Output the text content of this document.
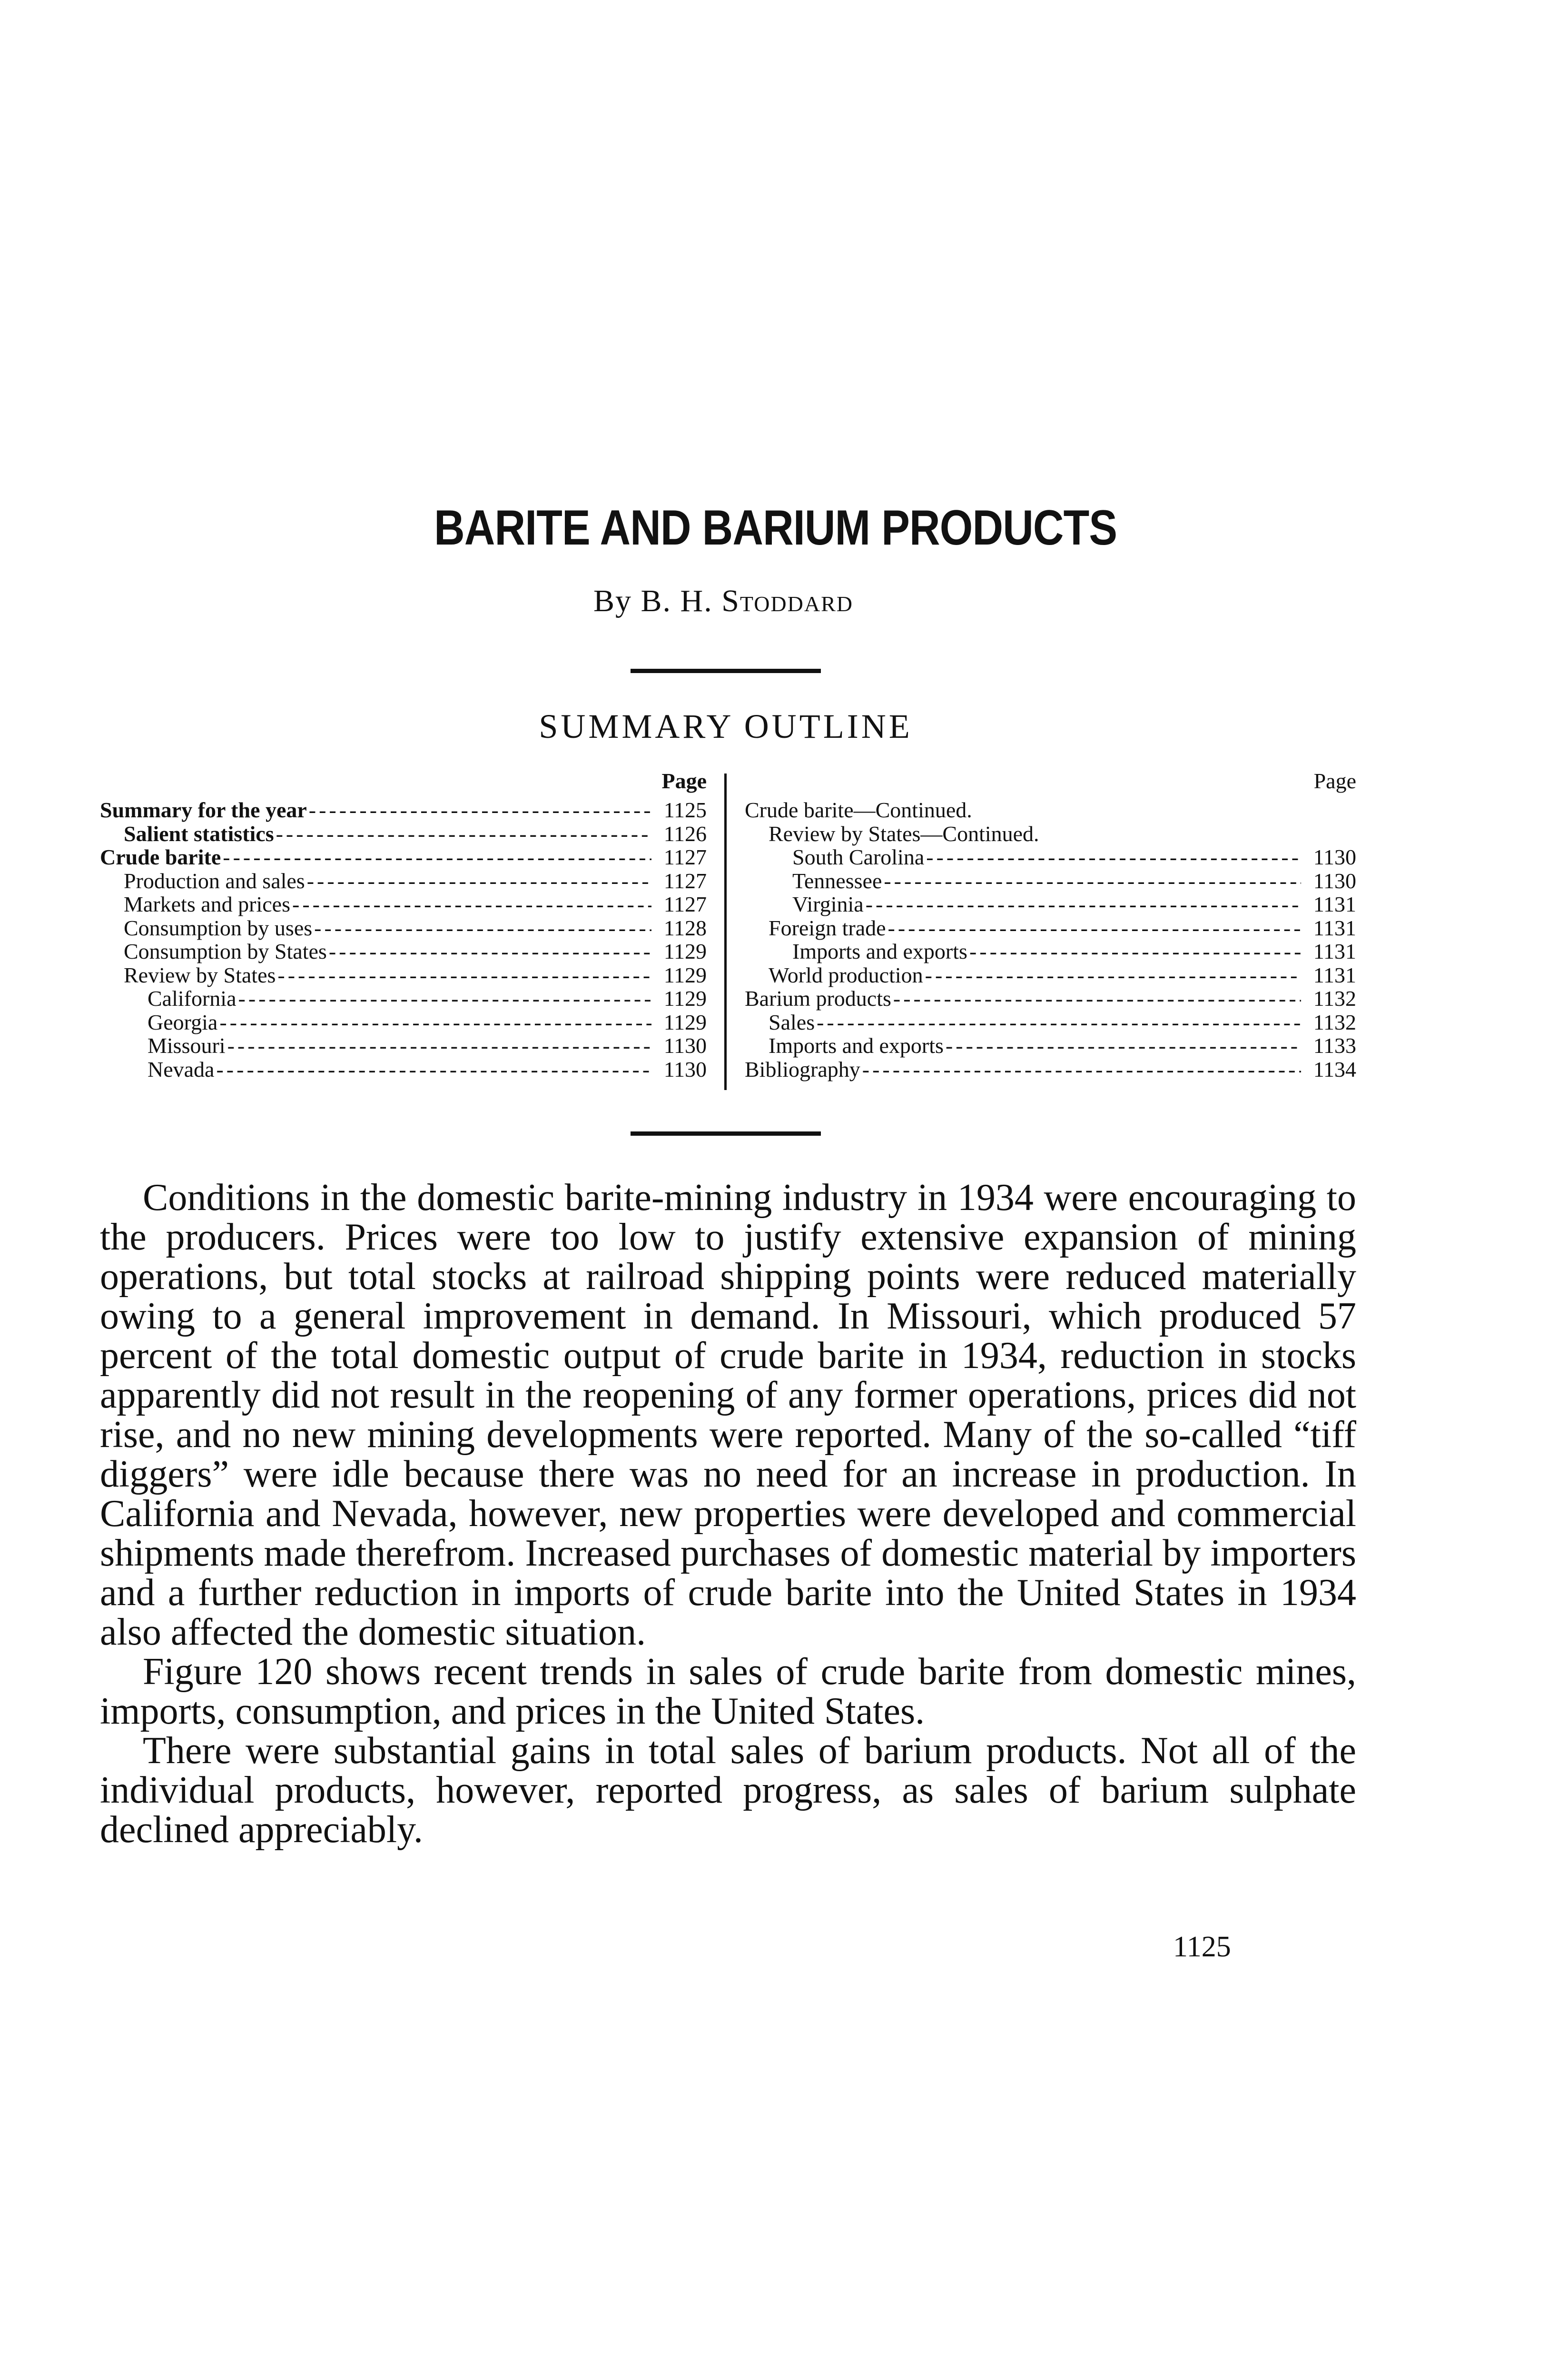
BARITE AND BARIUM PRODUCTS
By B. H. Stoddard
SUMMARY OUTLINE
Page
Summary for the year -----	1125
Salient statistics -----	1126
Crude barite -----	1127
Production and sales -----	1127
Markets and prices -----	1127
Consumption by uses -----	1128
Consumption by States -----	1129
Review by States -----	1129
California -----	1129
Georgia -----	1129
Missouri -----	1130
Nevada -----	1130
Page
Crude barite—Continued.
Review by States—Continued.
South Carolina -----	1130
Tennessee -----	1130
Virginia -----	1131
Foreign trade -----	1131
Imports and exports -----	1131
World production -----	1131
Barium products -----	1132
Sales -----	1132
Imports and exports -----	1133
Bibliography -----	1134

Conditions in the domestic barite-mining industry in 1934 were encouraging to the producers. Prices were too low to justify extensive expansion of mining operations, but total stocks at railroad shipping points were reduced materially owing to a general improvement in demand. In Missouri, which produced 57 percent of the total domestic output of crude barite in 1934, reduction in stocks apparently did not result in the reopening of any former operations, prices did not rise, and no new mining developments were reported. Many of the so-called “tiff diggers” were idle because there was no need for an increase in production. In California and Nevada, however, new properties were developed and commercial shipments made therefrom. Increased purchases of domestic material by importers and a further reduction in imports of crude barite into the United States in 1934 also affected the domestic situation.

Figure 120 shows recent trends in sales of crude barite from domestic mines, imports, consumption, and prices in the United States.

There were substantial gains in total sales of barium products. Not all of the individual products, however, reported progress, as sales of barium sulphate declined appreciably.

1125
